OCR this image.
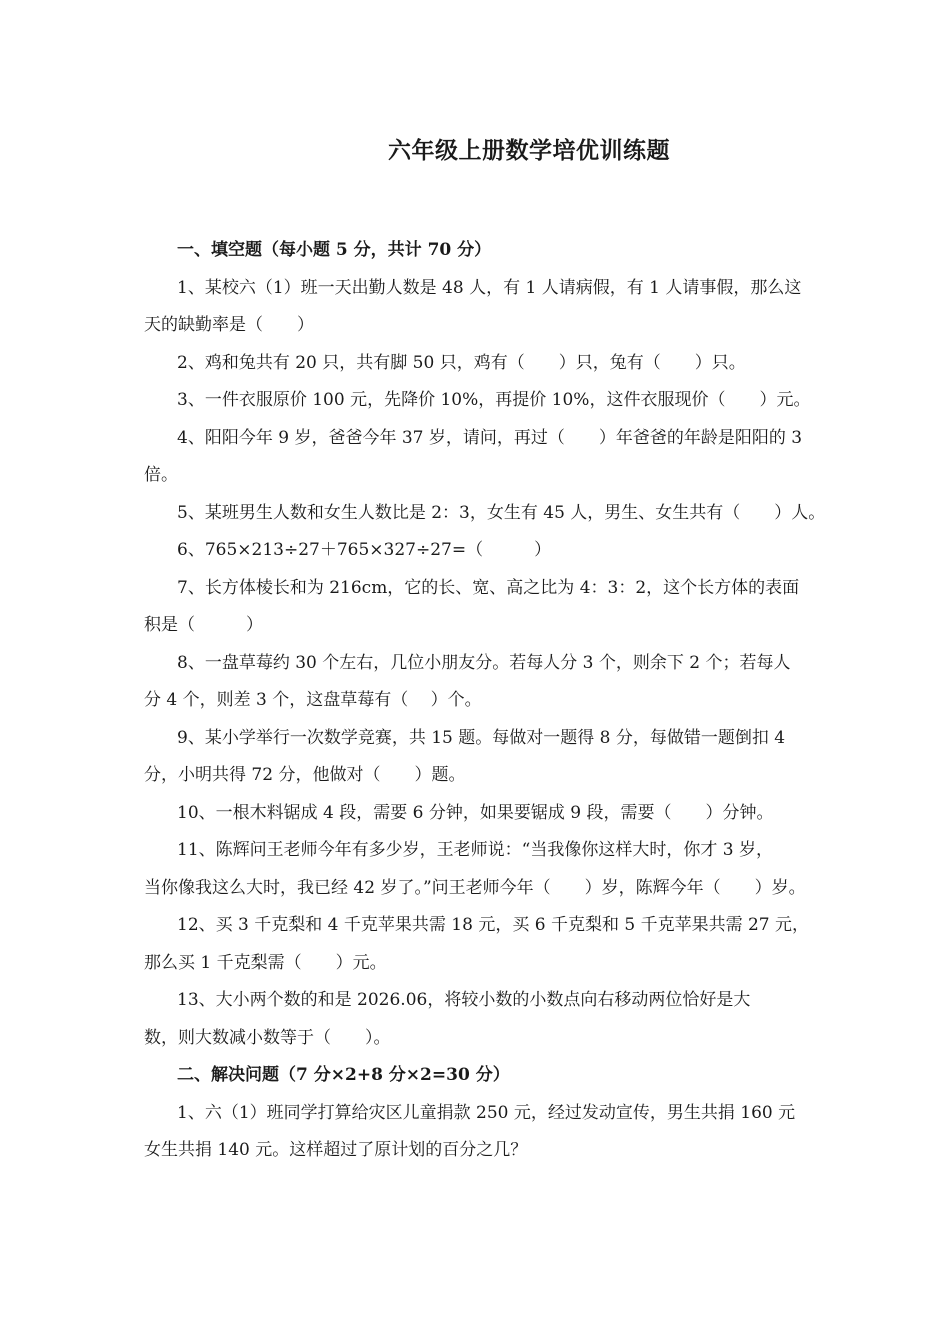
六年级上册数学培优训练题
一、填空题（每小题 5 分，共计 70 分）
1、某校六（1）班一天出勤人数是 48 人，有 1 人请病假，有 1 人请事假，那么这
天的缺勤率是（　　）
2、鸡和兔共有 20 只，共有脚 50 只，鸡有（　　）只，兔有（　　）只。
3、一件衣服原价 100 元，先降价 10%，再提价 10%，这件衣服现价（　　）元。
4、阳阳今年 9 岁，爸爸今年 37 岁，请问，再过（　　）年爸爸的年龄是阳阳的 3
倍。
5、某班男生人数和女生人数比是 2：3，女生有 45 人，男生、女生共有（　　）人。
6、765×213÷27＋765×327÷27=（　　　）
7、长方体棱长和为 216cm，它的长、宽、高之比为 4：3：2，这个长方体的表面
积是（　　　）
8、一盘草莓约 30 个左右，几位小朋友分。若每人分 3 个，则余下 2 个；若每人
分 4 个，则差 3 个，这盘草莓有（　 ）个。
9、某小学举行一次数学竞赛，共 15 题。每做对一题得 8 分，每做错一题倒扣 4
分，小明共得 72 分，他做对（　　）题。
10、一根木料锯成 4 段，需要 6 分钟，如果要锯成 9 段，需要（　　）分钟。
11、陈辉问王老师今年有多少岁，王老师说：“当我像你这样大时，你才 3 岁，
当你像我这么大时，我已经 42 岁了。”问王老师今年（　　）岁，陈辉今年（　　）岁。
12、买 3 千克梨和 4 千克苹果共需 18 元，买 6 千克梨和 5 千克苹果共需 27 元，
那么买 1 千克梨需（　　）元。
13、大小两个数的和是 2026.06，将较小数的小数点向右移动两位恰好是大
数，则大数减小数等于（　　）。
二、解决问题（7 分×2+8 分×2=30 分）
1、六（1）班同学打算给灾区儿童捐款 250 元，经过发动宣传，男生共捐 160 元
女生共捐 140 元。这样超过了原计划的百分之几？
